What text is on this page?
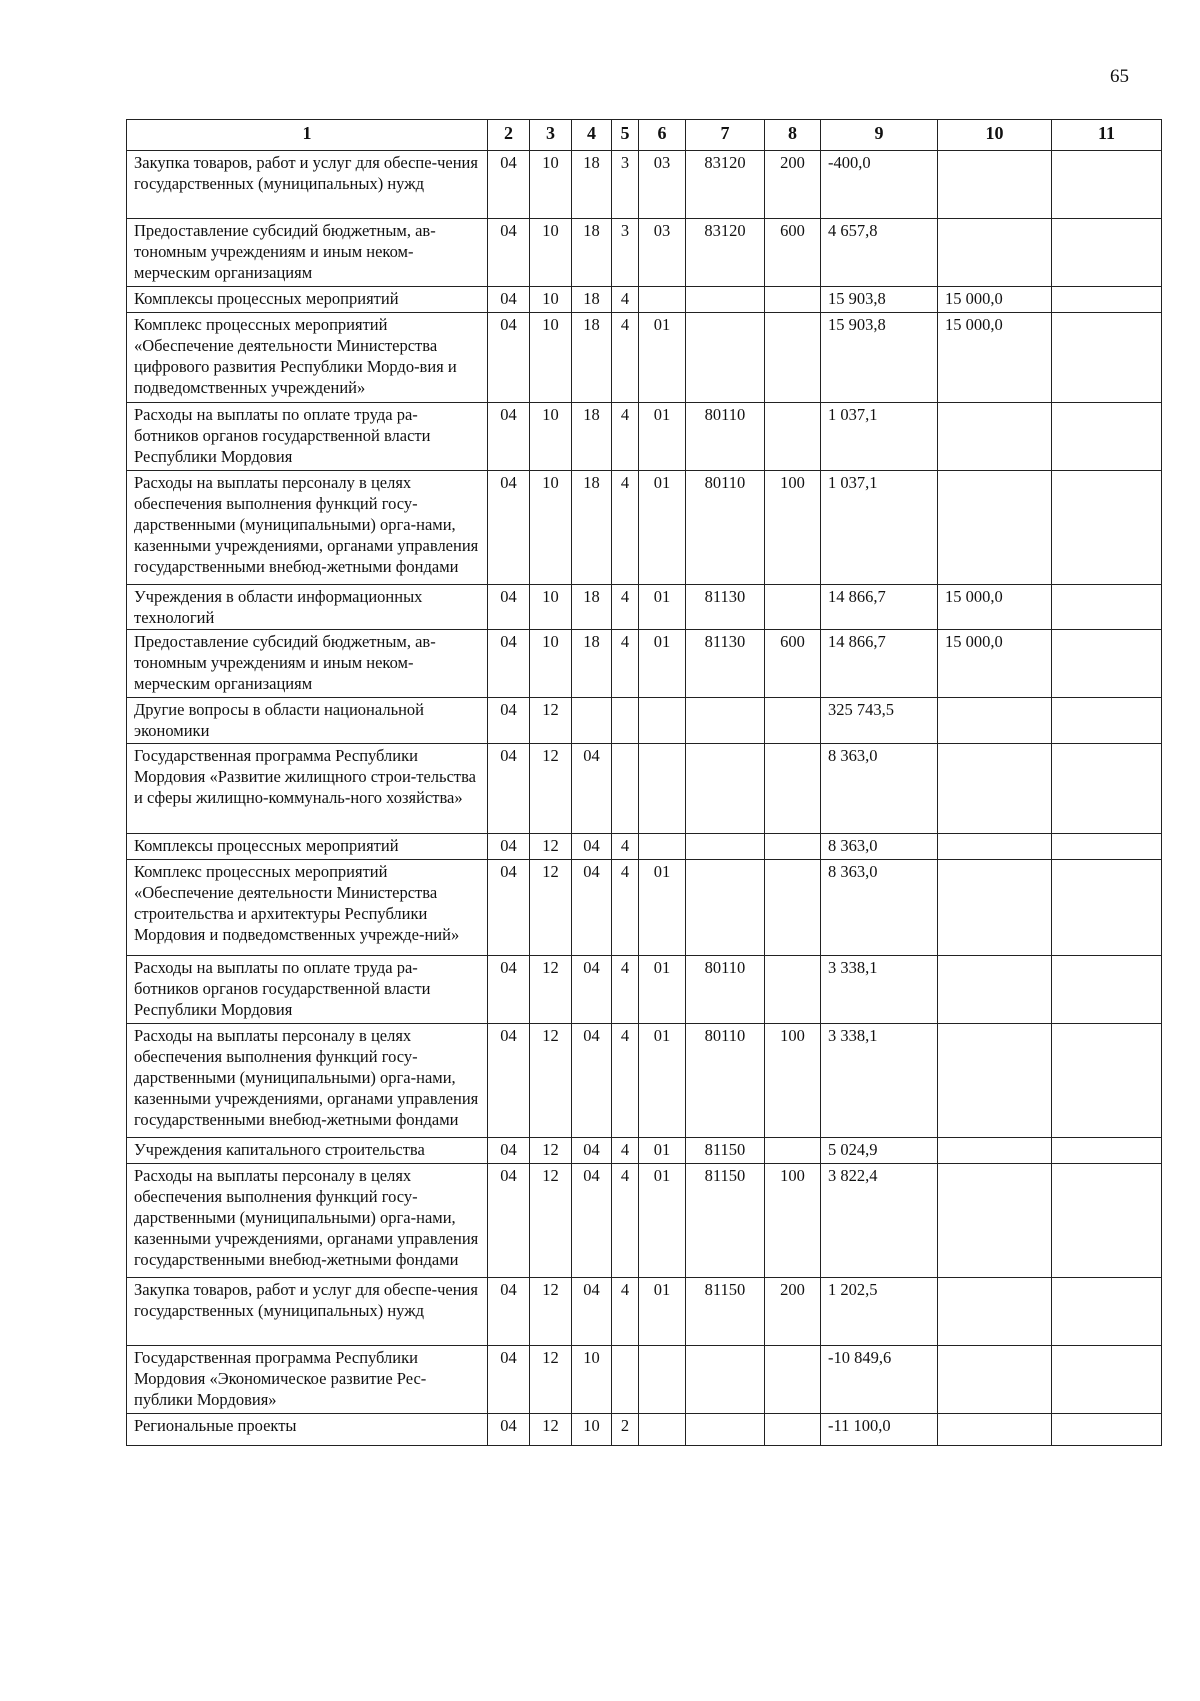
65
1	2	3	4	5	6	7	8	9	10	11
Закупка товаров, работ и услуг для обеспе-чения государственных (муниципальных) нужд	04	10	18	3	03	83120	200	-400,0		
Предоставление субсидий бюджетным, ав-тономным учреждениям и иным неком-мерческим организациям	04	10	18	3	03	83120	600	4 657,8		
Комплексы процессных мероприятий	04	10	18	4				15 903,8	15 000,0	
Комплекс процессных мероприятий «Обеспечение деятельности Министерства цифрового развития Республики Мордо-вия и подведомственных учреждений»	04	10	18	4	01			15 903,8	15 000,0	
Расходы на выплаты по оплате труда ра-ботников органов государственной власти Республики Мордовия	04	10	18	4	01	80110		1 037,1		
Расходы на выплаты персоналу в целях обеспечения выполнения функций госу-дарственными (муниципальными) орга-нами, казенными учреждениями, органами управления государственными внебюд-жетными фондами	04	10	18	4	01	80110	100	1 037,1		
Учреждения в области информационных технологий	04	10	18	4	01	81130		14 866,7	15 000,0	
Предоставление субсидий бюджетным, ав-тономным учреждениям и иным неком-мерческим организациям	04	10	18	4	01	81130	600	14 866,7	15 000,0	
Другие вопросы в области национальной экономики	04	12						325 743,5		
Государственная программа Республики Мордовия «Развитие жилищного строи-тельства и сферы жилищно-коммуналь-ного хозяйства»	04	12	04					8 363,0		
Комплексы процессных мероприятий	04	12	04	4				8 363,0		
Комплекс процессных мероприятий «Обеспечение деятельности Министерства строительства и архитектуры Республики Мордовия и подведомственных учрежде-ний»	04	12	04	4	01			8 363,0		
Расходы на выплаты по оплате труда ра-ботников органов государственной власти Республики Мордовия	04	12	04	4	01	80110		3 338,1		
Расходы на выплаты персоналу в целях обеспечения выполнения функций госу-дарственными (муниципальными) орга-нами, казенными учреждениями, органами управления государственными внебюд-жетными фондами	04	12	04	4	01	80110	100	3 338,1		
Учреждения капитального строительства	04	12	04	4	01	81150		5 024,9		
Расходы на выплаты персоналу в целях обеспечения выполнения функций госу-дарственными (муниципальными) орга-нами, казенными учреждениями, органами управления государственными внебюд-жетными фондами	04	12	04	4	01	81150	100	3 822,4		
Закупка товаров, работ и услуг для обеспе-чения государственных (муниципальных) нужд	04	12	04	4	01	81150	200	1 202,5		
Государственная программа Республики Мордовия «Экономическое развитие Рес-публики Мордовия»	04	12	10					-10 849,6		
Региональные проекты	04	12	10	2				-11 100,0		
